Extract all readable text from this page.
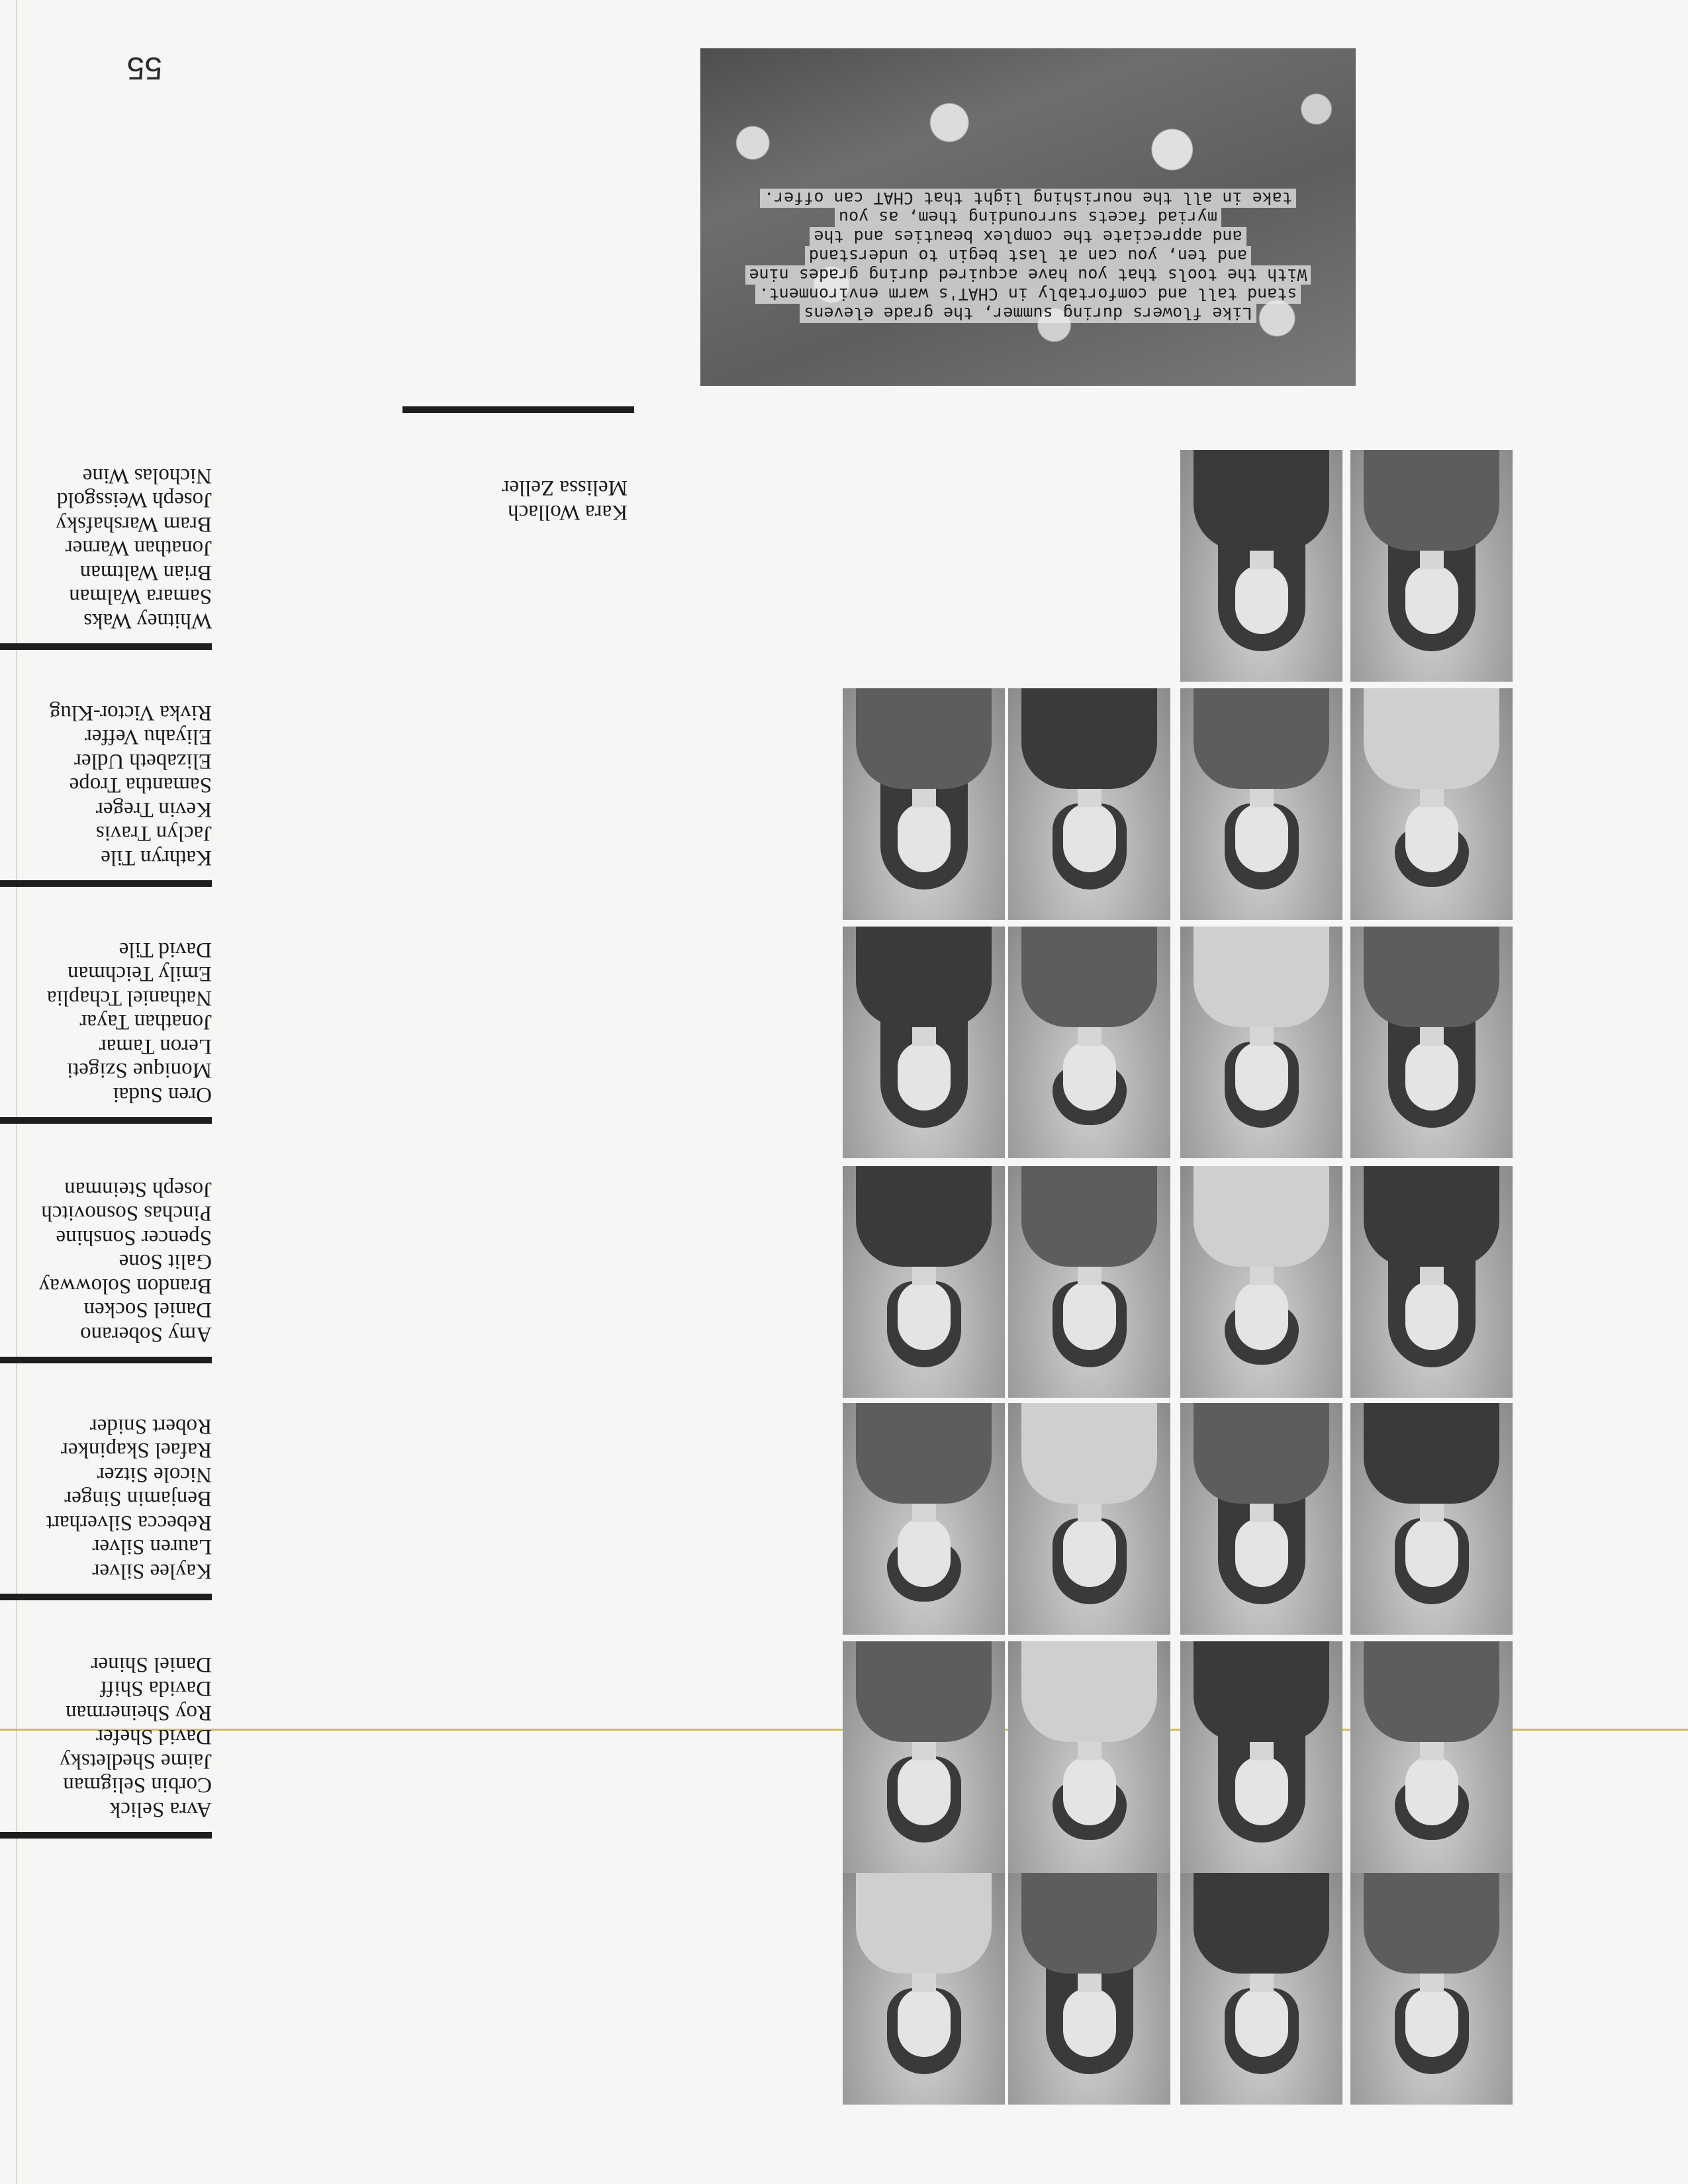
Avra Selick
Corbin Seligman
Jaime Shedletsky
David Shefer
Roy Sheinerman
Davida Shiff
Daniel Shiner
Kaylee Silver
Lauren Silver
Rebecca Silverhart
Benjamin Singer
Nicole Sitzer
Rafael Skapinker
Robert Snider
Amy Soberano
Daniel Socken
Brandon Solowway
Galit Sone
Spencer Sonshine
Pinchas Sosnovitch
Joseph Steinman
Oren Sudai
Monique Szigeti
Leron Tamar
Jonathan Tayar
Nathaniel Tchaplia
Emily Teichman
David Tile
Kathryn Tile
Jaclyn Travis
Kevin Treger
Samantha Trope
Elizabeth Udler
Eliyahu Veffer
Rivka Victor-Klug
Whitney Waks
Samara Walman
Brian Waltman
Jonathan Warner
Bram Warshafsky
Joseph Weissgold
Nicholas Wine
Kara Wollach
Melissa Zeller
Like flowers during summer, the grade elevens
stand tall and comfortably in CHAT's warm environment.
With the tools that you have acquired during grades nine
and ten, you can at last begin to understand
and appreciate the complex beauties and the
myriad facets surrounding them, as you
take in all the nourishing light that CHAT can offer.
55
